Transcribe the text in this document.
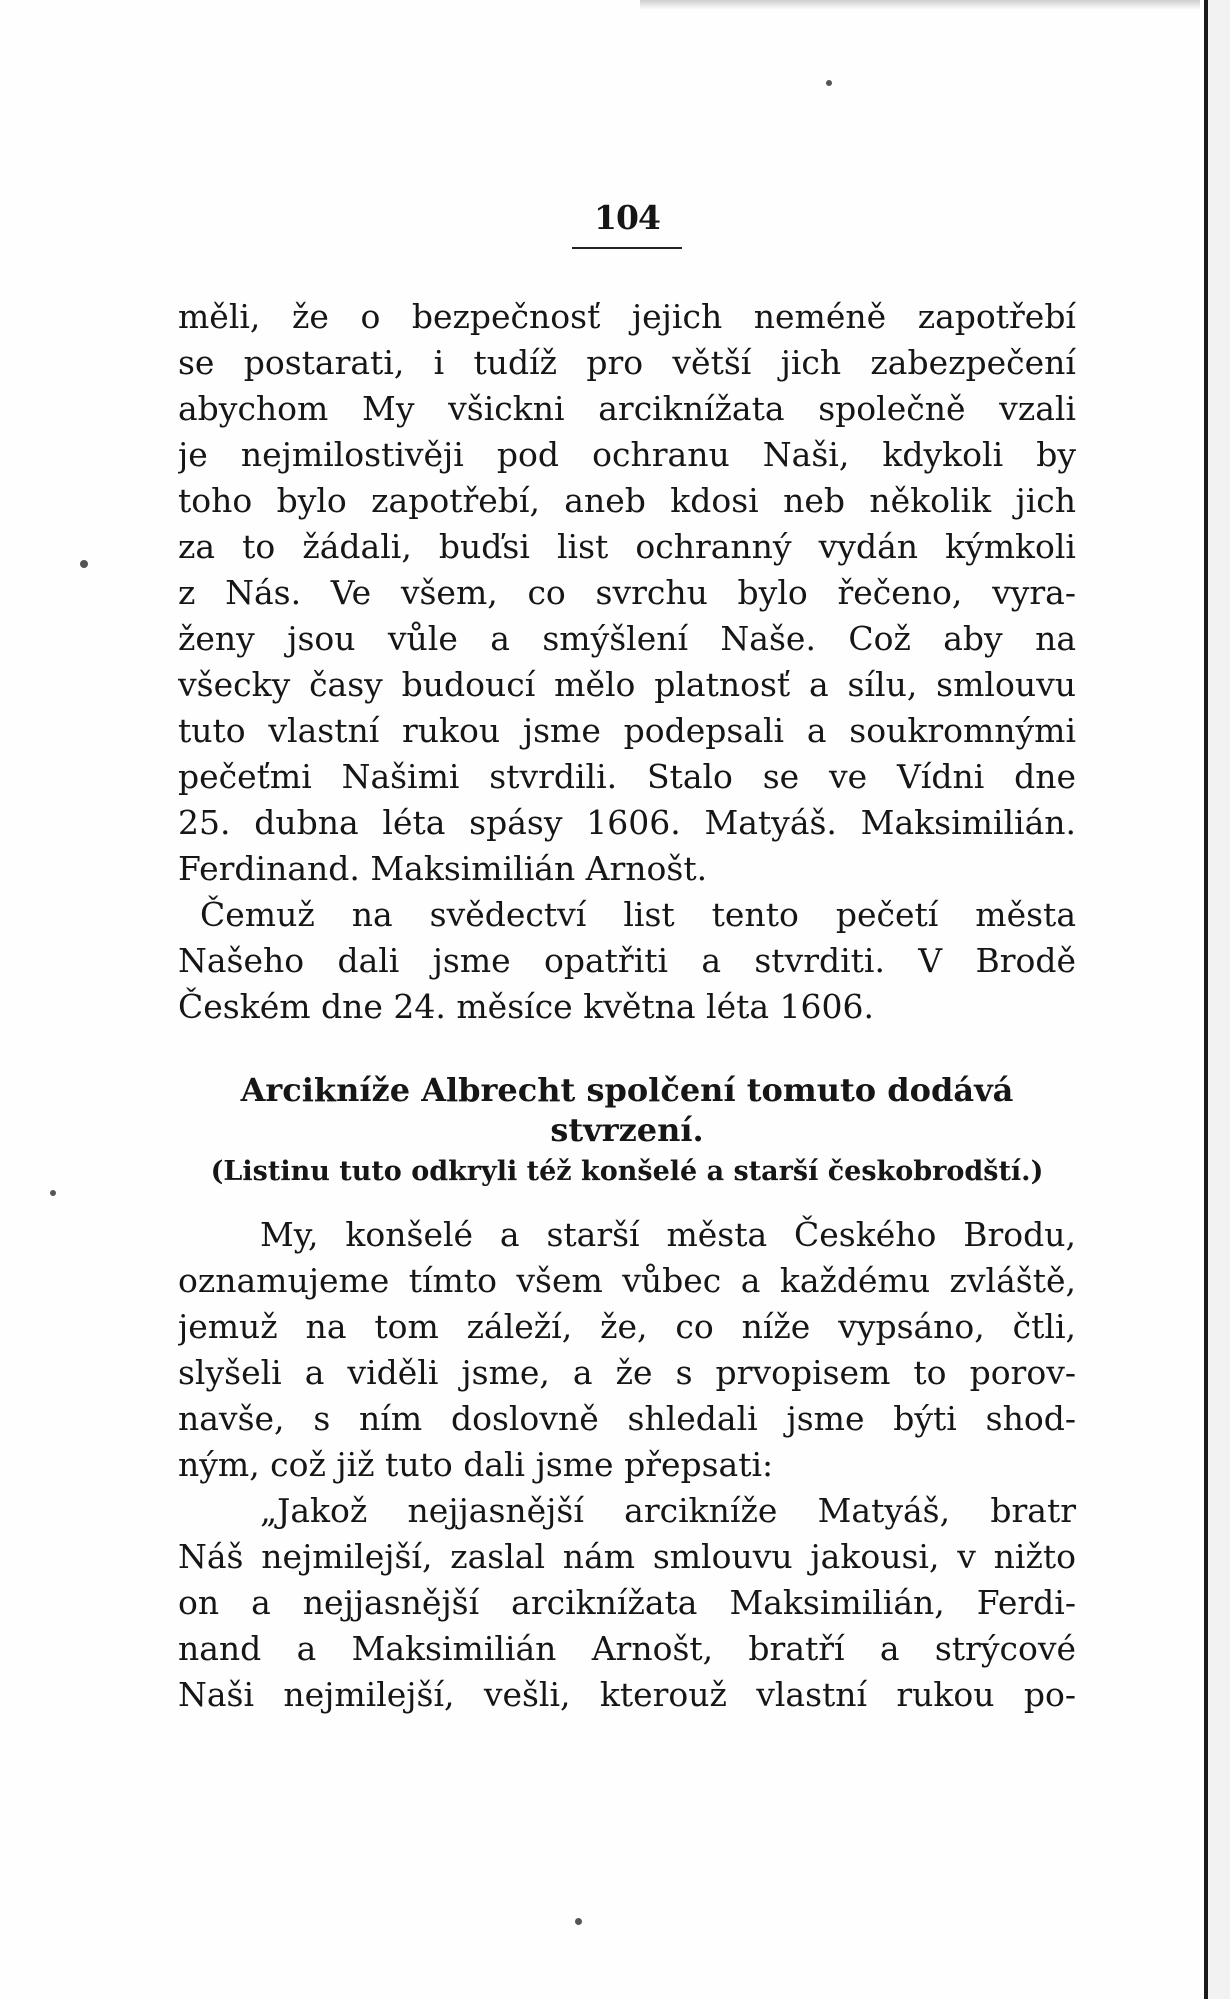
104
měli, že o bezpečnosť jejich neméně zapotřebí
se postarati, i tudíž pro větší jich zabezpečení
abychom My všickni arciknížata společně vzali
je nejmilostivěji pod ochranu Naši, kdykoli by
toho bylo zapotřebí, aneb kdosi neb několik jich
za to žádali, buďsi list ochranný vydán kýmkoli
z Nás. Ve všem, co svrchu bylo řečeno, vyra-
ženy jsou vůle a smýšlení Naše. Což aby na
všecky časy budoucí mělo platnosť a sílu, smlouvu
tuto vlastní rukou jsme podepsali a soukromnými
pečeťmi Našimi stvrdili. Stalo se ve Vídni dne
25. dubna léta spásy 1606. Matyáš. Maksimilián.
Ferdinand. Maksimilián Arnošt.
Čemuž na svědectví list tento pečetí města
Našeho dali jsme opatřiti a stvrditi. V Brodě
Českém dne 24. měsíce května léta 1606.
Arcikníže Albrecht spolčení tomuto dodává
stvrzení.
(Listinu tuto odkryli též konšelé a starší českobrodští.)
My, konšelé a starší města Českého Brodu,
oznamujeme tímto všem vůbec a každému zvláště,
jemuž na tom záleží, že, co níže vypsáno, čtli,
slyšeli a viděli jsme, a že s prvopisem to porov-
navše, s ním doslovně shledali jsme býti shod-
ným, což již tuto dali jsme přepsati:
„Jakož nejjasnější arcikníže Matyáš, bratr
Náš nejmilejší, zaslal nám smlouvu jakousi, v nižto
on a nejjasnější arciknížata Maksimilián, Ferdi-
nand a Maksimilián Arnošt, bratří a strýcové
Naši nejmilejší, vešli, kterouž vlastní rukou po-
